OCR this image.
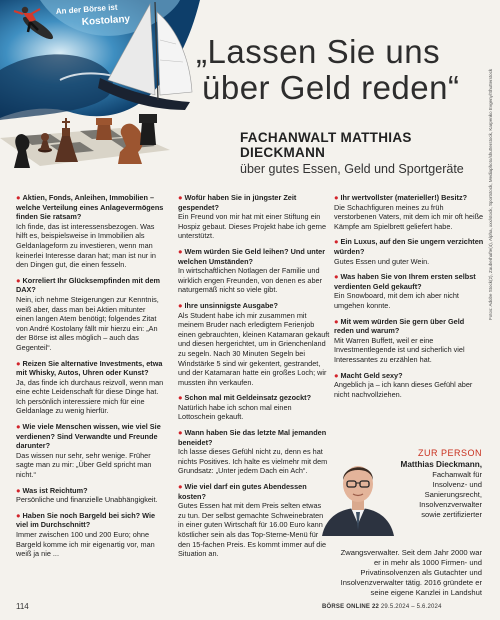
An der Börse ist
Kostolany
„Lassen Sie uns
über Geld reden“
FACHANWALT MATTHIAS DIECKMANN
über gutes Essen, Geld und Sportgeräte
● Aktien, Fonds, Anleihen, Immobilien – welche Verteilung eines Anlagevermögens finden Sie ratsam?
Ich finde, das ist interessensbezogen. Was hilft es, beispielsweise in Immobilien als Geldanlageform zu investieren, wenn man keinerlei Interesse daran hat; man ist nur in den Dingen gut, die einen fesseln.
● Korreliert Ihr Glücksempfinden mit dem DAX?
Nein, ich nehme Steigerungen zur Kenntnis, weiß aber, dass man bei Aktien mitunter einen langen Atem benötigt; folgendes Zitat von André Kostolany fällt mir hierzu ein: „An der Börse ist alles möglich – auch das Gegenteil“.
● Reizen Sie alternative Investments, etwa mit Whisky, Autos, Uhren oder Kunst?
Ja, das finde ich durchaus reizvoll, wenn man eine echte Leidenschaft für diese Dinge hat. Ich persönlich interessiere mich für eine Geldanlage zu wenig hierfür.
● Wie viele Menschen wissen, wie viel Sie verdienen? Sind Verwandte und Freunde darunter?
Das wissen nur sehr, sehr wenige. Früher sagte man zu mir: „Über Geld spricht man nicht.“
● Was ist Reichtum?
Persönliche und finanzielle Unabhängigkeit.
● Haben Sie noch Bargeld bei sich? Wie viel im Durchschnitt?
Immer zwischen 100 und 200 Euro; ohne Bargeld komme ich mir eigenartig vor, man weiß ja nie ...
● Wofür haben Sie in jüngster Zeit gespendet?
Ein Freund von mir hat mit einer Stiftung ein Hospiz gebaut. Dieses Projekt habe ich gerne unterstützt.
● Wem würden Sie Geld leihen? Und unter welchen Umständen?
In wirtschaftlichen Notlagen der Familie und wirklich engen Freunden, von denen es aber naturgemäß nicht so viele gibt.
● Ihre unsinnigste Ausgabe?
Als Student habe ich mir zusammen mit meinem Bruder nach erledigtem Ferienjob einen gebrauchten, kleinen Katamaran gekauft und diesen hergerichtet, um in Grienchenland zu segeln. Nach 30 Minuten Segeln bei Windstärke 5 sind wir gekentert, gestrandet, und der Katamaran hatte ein großes Loch; wir mussten ihn verkaufen.
● Schon mal mit Geldeinsatz gezockt?
Natürlich habe ich schon mal einen Lottoschein gekauft.
● Wann haben Sie das letzte Mal jemanden beneidet?
Ich lasse dieses Gefühl nicht zu, denn es hat nichts Positives. Ich halte es vielmehr mit dem Grundsatz: „Unter jedem Dach ein Ach“.
● Wie viel darf ein gutes Abendessen kosten?
Gutes Essen hat mit dem Preis selten etwas zu tun. Der selbst gemachte Schweinebraten in einer guten Wirtschaft für 16.00 Euro kann köstlicher sein als das Top-Sterne-Menü für den 15-fachen Preis. Es kommt immer auf die Situation an.
● Ihr wertvollster (materieller!) Besitz?
Die Schachfiguren meines zu früh verstorbenen Vaters, mit dem ich mir oft heiße Kämpfe am Spielbrett geliefert habe.
● Ein Luxus, auf den Sie ungern verzichten würden?
Gutes Essen und guter Wein.
● Was haben Sie von Ihrem ersten selbst verdienten Geld gekauft?
Ein Snowboard, mit dem ich aber nicht umgehen konnte.
● Mit wem würden Sie gern über Geld reden und warum?
Mit Warren Buffett, weil er eine Investmentlegende ist und sicherlich viel Interessantes zu erzählen hat.
● Macht Geld sexy?
Angeblich ja – ich kann dieses Gefühl aber nicht nachvollziehen.
ZUR PERSON
Matthias Dieckmann,
Fachanwalt für
Insolvenz- und
Sanierungsrecht,
Insolvenzverwalter
sowie zertifizierter
Zwangsverwalter. Seit dem Jahr 2000 war er in mehr als 1000 Firmen- und Privatinsolvenzen als Gutachter und Insolvenzverwalter tätig. 2016 gründete er seine eigene Kanzlei in Landshut
114	BÖRSE ONLINE 22 29.5.2024 – 5.6.2024
Fotos: Adobe Stock(2), Zauberhafte(4), Alpha, xxx/stock, Sportstock, Mediaphoto/shutterstock, Karpenko Evgeny/Shutterstock
